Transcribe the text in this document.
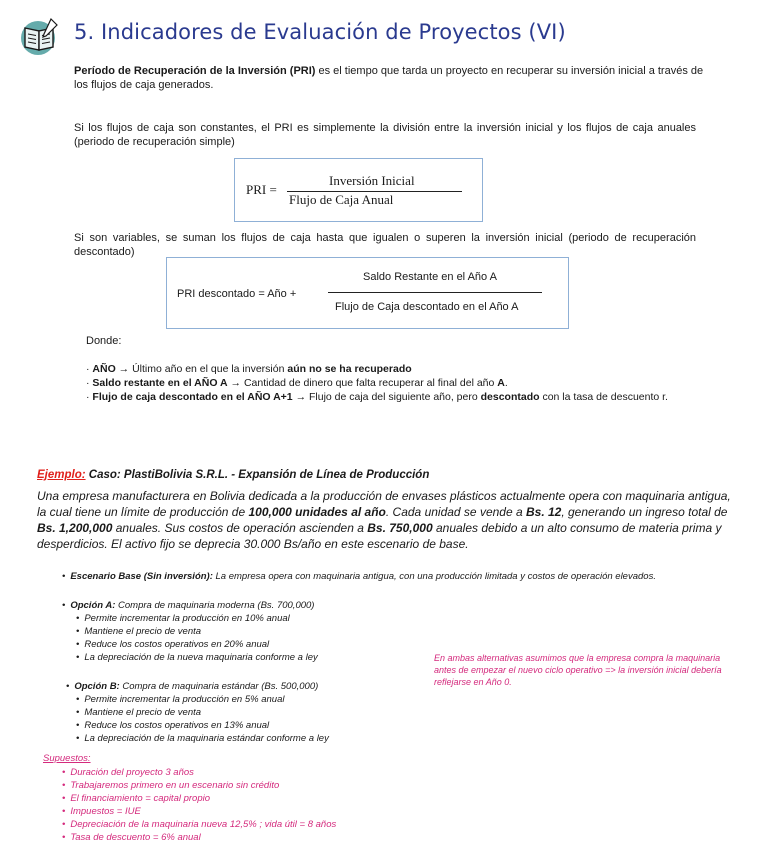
5. Indicadores de Evaluación de Proyectos (VI)
Período de Recuperación de la Inversión (PRI) es el tiempo que tarda un proyecto en recuperar su inversión inicial a través de los flujos de caja generados.
Si los flujos de caja son constantes, el PRI es simplemente la división entre la inversión inicial y los flujos de caja anuales (periodo de recuperación simple)
PRI =
Inversión Inicial
Flujo de Caja Anual
Si son variables, se suman los flujos de caja hasta que igualen o superen la inversión inicial (periodo de recuperación descontado)
PRI descontado = Año +
Saldo Restante en el Año A
Flujo de Caja descontado en el Año A
Donde:
· AÑO → Último año en el que la inversión aún no se ha recuperado
· Saldo restante en el AÑO A → Cantidad de dinero que falta recuperar al final del año A.
· Flujo de caja descontado en el AÑO A+1 → Flujo de caja del siguiente año, pero descontado con la tasa de descuento r.
Ejemplo: Caso: PlastiBolivia S.R.L. - Expansión de Línea de Producción
Una empresa manufacturera en Bolivia dedicada a la producción de envases plásticos actualmente opera con maquinaria antigua, la cual tiene un límite de producción de 100,000 unidades al año. Cada unidad se vende a Bs. 12, generando un ingreso total de Bs. 1,200,000 anuales. Sus costos de operación ascienden a Bs. 750,000 anuales debido a un alto consumo de materia prima y desperdicios. El activo fijo se deprecia 30.000 Bs/año en este escenario de base.
• Escenario Base (Sin inversión): La empresa opera con maquinaria antigua, con una producción limitada y costos de operación elevados.
• Opción A: Compra de maquinaria moderna (Bs. 700,000)
• Permite incrementar la producción en 10% anual
• Mantiene el precio de venta
• Reduce los costos operativos en 20% anual
• La depreciación de la nueva maquinaria conforme a ley
• Opción B: Compra de maquinaria estándar (Bs. 500,000)
• Permite incrementar la producción en 5% anual
• Mantiene el precio de venta
• Reduce los costos operativos en 13% anual
• La depreciación de la maquinaria estándar conforme a ley
En ambas alternativas asumimos que la empresa compra la maquinaria antes de empezar el nuevo ciclo operativo => la inversión inicial debería reflejarse en Año 0.
Supuestos:
• Duración del proyecto 3 años
• Trabajaremos primero en un escenario sin crédito
• El financiamiento = capital propio
• Impuestos = IUE
• Depreciación de la maquinaria nueva 12,5% ; vida útil = 8 años
• Tasa de descuento = 6% anual
